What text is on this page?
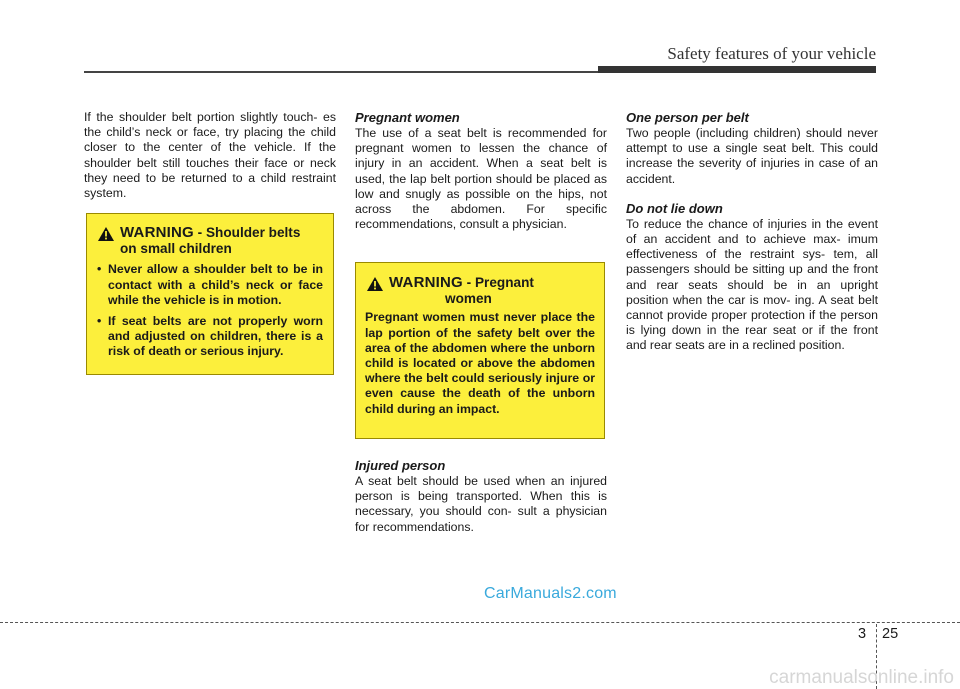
Safety features of your vehicle

If the shoulder belt portion slightly touch- es the child’s neck or face, try placing the child closer to the center of the vehicle. If the shoulder belt still touches their face or neck they need to be returned to a child restraint system.

WARNING - Shoulder belts
on small children
• Never allow a shoulder belt to be in contact with a child’s neck or face while the vehicle is in motion.
• If seat belts are not properly worn and adjusted on children, there is a risk of death or serious injury.

Pregnant women

The use of a seat belt is recommended for pregnant women to lessen the chance of injury in an accident. When a seat belt is used, the lap belt portion should be placed as low and snugly as possible on the hips, not across the abdomen. For specific recommendations, consult a physician.

WARNING - Pregnant
women
Pregnant women must never place the lap portion of the safety belt over the area of the abdomen where the unborn child is located or above the abdomen where the belt could seriously injure or even cause the death of the unborn child during an impact.

Injured person

A seat belt should be used when an injured person is being transported. When this is necessary, you should con- sult a physician for recommendations.

One person per belt

Two people (including children) should never attempt to use a single seat belt. This could increase the severity of injuries in case of an accident.

Do not lie down

To reduce the chance of injuries in the event of an accident and to achieve max- imum effectiveness of the restraint sys- tem, all passengers should be sitting up and the front and rear seats should be in an upright position when the car is mov- ing. A seat belt cannot provide proper protection if the person is lying down in the rear seat or if the front and rear seats are in a reclined position.

CarManuals2.com
3 25
carmanualsonline.info
